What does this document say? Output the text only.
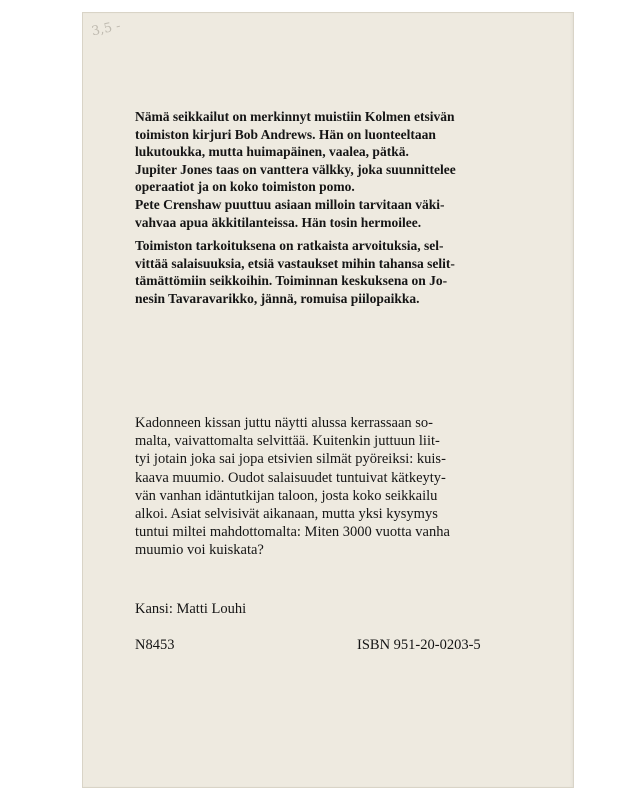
3,5 -

Nämä seikkailut on merkinnyt muistiin Kolmen etsivän
toimiston kirjuri Bob Andrews. Hän on luonteeltaan
lukutoukka, mutta huimapäinen, vaalea, pätkä.
Jupiter Jones taas on vanttera välkky, joka suunnittelee
operaatiot ja on koko toimiston pomo.
Pete Crenshaw puuttuu asiaan milloin tarvitaan väki-
vahvaa apua äkkitilanteissa. Hän tosin hermoilee.

Toimiston tarkoituksena on ratkaista arvoituksia, sel-
vittää salaisuuksia, etsiä vastaukset mihin tahansa selit-
tämättömiin seikkoihin. Toiminnan keskuksena on Jo-
nesin Tavaravarikko, jännä, romuisa piilopaikka.

Kadonneen kissan juttu näytti alussa kerrassaan so-
malta, vaivattomalta selvittää. Kuitenkin juttuun liit-
tyi jotain joka sai jopa etsivien silmät pyöreiksi: kuis-
kaava muumio. Oudot salaisuudet tuntuivat kätkeyty-
vän vanhan idäntutkijan taloon, josta koko seikkailu
alkoi. Asiat selvisivät aikanaan, mutta yksi kysymys
tuntui miltei mahdottomalta: Miten 3000 vuotta vanha
muumio voi kuiskata?

Kansi: Matti Louhi
N8453	ISBN 951-20-0203-5
